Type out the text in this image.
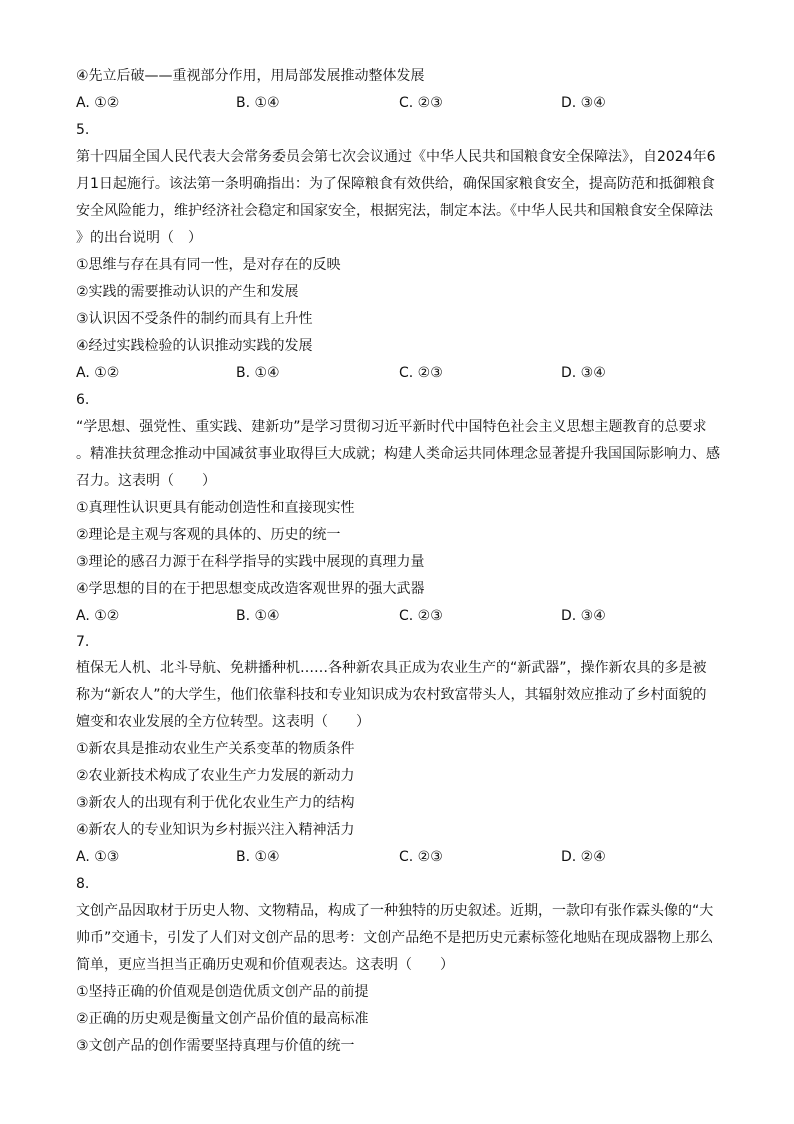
④先立后破——重视部分作用，用局部发展推动整体发展
A. ①②	B. ①④	C. ②③	D. ③④
5.
第十四届全国人民代表大会常务委员会第七次会议通过《中华人民共和国粮食安全保障法》，自2024年6
月1日起施行。该法第一条明确指出：为了保障粮食有效供给，确保国家粮食安全，提高防范和抵御粮食
安全风险能力，维护经济社会稳定和国家安全，根据宪法，制定本法。《中华人民共和国粮食安全保障法
》的出台说明（　）
①思维与存在具有同一性，是对存在的反映
②实践的需要推动认识的产生和发展
③认识因不受条件的制约而具有上升性
④经过实践检验的认识推动实践的发展
A. ①②	B. ①④	C. ②③	D. ③④
6.
“学思想、强党性、重实践、建新功”是学习贯彻习近平新时代中国特色社会主义思想主题教育的总要求
。精准扶贫理念推动中国减贫事业取得巨大成就；构建人类命运共同体理念显著提升我国国际影响力、感
召力。这表明（　　）
①真理性认识更具有能动创造性和直接现实性
②理论是主观与客观的具体的、历史的统一
③理论的感召力源于在科学指导的实践中展现的真理力量
④学思想的目的在于把思想变成改造客观世界的强大武器
A. ①②	B. ①④	C. ②③	D. ③④
7.
植保无人机、北斗导航、免耕播种机……各种新农具正成为农业生产的“新武器”，操作新农具的多是被
称为“新农人”的大学生，他们依靠科技和专业知识成为农村致富带头人，其辐射效应推动了乡村面貌的
嬗变和农业发展的全方位转型。这表明（　　）
①新农具是推动农业生产关系变革的物质条件
②农业新技术构成了农业生产力发展的新动力
③新农人的出现有利于优化农业生产力的结构
④新农人的专业知识为乡村振兴注入精神活力
A. ①③	B. ①④	C. ②③	D. ②④
8.
文创产品因取材于历史人物、文物精品，构成了一种独特的历史叙述。近期，一款印有张作霖头像的“大
帅币”交通卡，引发了人们对文创产品的思考：文创产品绝不是把历史元素标签化地贴在现成器物上那么
简单，更应当担当正确历史观和价值观表达。这表明（　　）
①坚持正确的价值观是创造优质文创产品的前提
②正确的历史观是衡量文创产品价值的最高标准
③文创产品的创作需要坚持真理与价值的统一
